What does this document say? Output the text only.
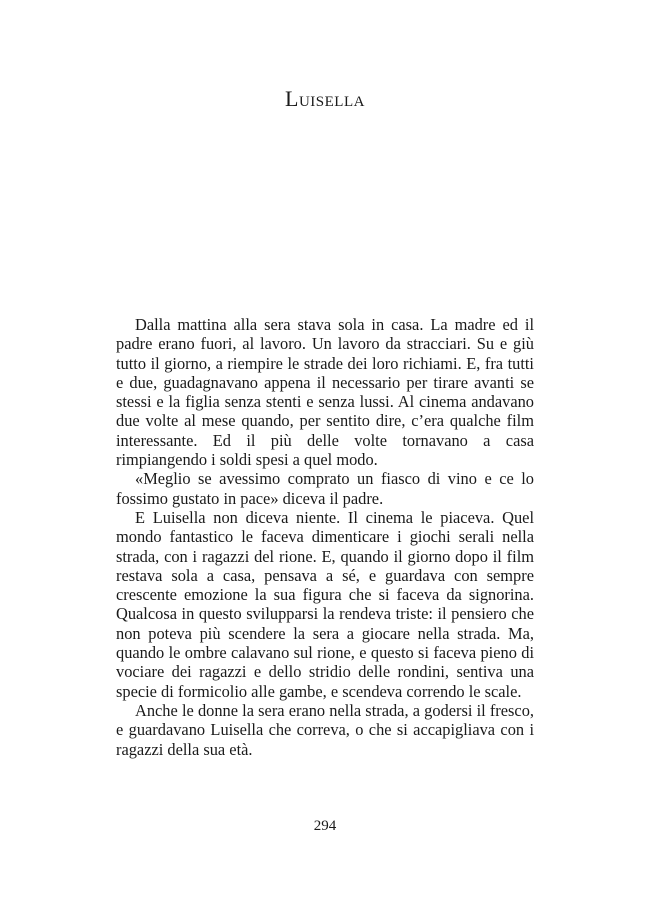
Luisella

Dalla mattina alla sera stava sola in casa. La madre ed il padre erano fuori, al lavoro. Un lavoro da stracciari. Su e giù tutto il giorno, a riempire le strade dei loro richiami. E, fra tutti e due, guadagnavano appena il necessario per tirare avanti se stessi e la figlia senza stenti e senza lussi. Al cinema andavano due volte al mese quando, per sentito dire, c’era qualche film interessante. Ed il più delle volte tornavano a casa rimpiangendo i soldi spesi a quel modo.

«Meglio se avessimo comprato un fiasco di vino e ce lo fossimo gustato in pace» diceva il padre.

E Luisella non diceva niente. Il cinema le piaceva. Quel mondo fantastico le faceva dimenticare i giochi serali nella strada, con i ragazzi del rione. E, quando il giorno dopo il film restava sola a casa, pensava a sé, e guardava con sempre crescente emozione la sua figura che si faceva da signorina. Qualcosa in questo svilupparsi la rendeva triste: il pensiero che non poteva più scendere la sera a giocare nella strada. Ma, quando le ombre calavano sul rione, e questo si faceva pieno di vociare dei ragazzi e dello stridio delle rondini, sentiva una specie di formicolio alle gambe, e scendeva correndo le scale.

Anche le donne la sera erano nella strada, a godersi il fresco, e guardavano Luisella che correva, o che si accapigliava con i ragazzi della sua età.

294
